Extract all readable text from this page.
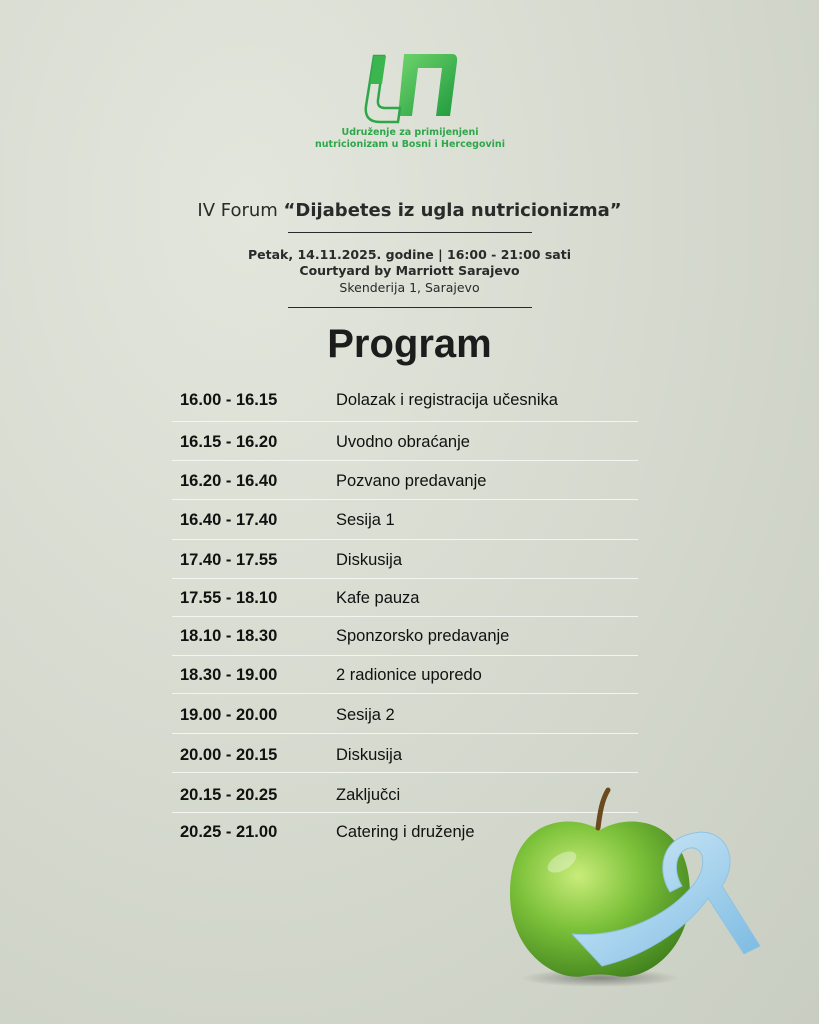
Udruženje za primijenjeni
nutricionizam u Bosni i Hercegovini
IV Forum “Dijabetes iz ugla nutricionizma”
Petak, 14.11.2025. godine | 16:00 - 21:00 sati
Courtyard by Marriott Sarajevo
Skenderija 1, Sarajevo
Program
16.00 - 16.15	Dolazak i registracija učesnika
16.15 - 16.20	Uvodno obraćanje
16.20 - 16.40	Pozvano predavanje
16.40 - 17.40	Sesija 1
17.40 - 17.55	Diskusija
17.55 - 18.10	Kafe pauza
18.10 - 18.30	Sponzorsko predavanje
18.30 - 19.00	2 radionice uporedo
19.00 - 20.00	Sesija 2
20.00 - 20.15	Diskusija
20.15 - 20.25	Zaključci
20.25 - 21.00	Catering i druženje
